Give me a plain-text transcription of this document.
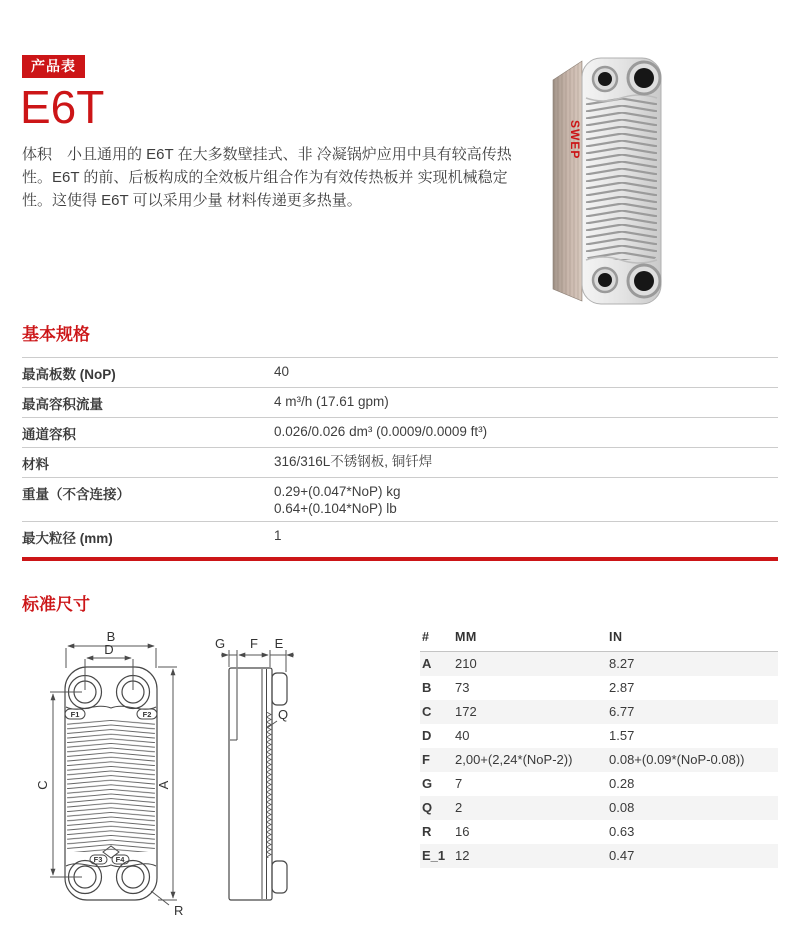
产品表
E6T

体积　小且通用的 E6T 在大多数壁挂式、非 冷凝锅炉应用中具有较高传热性。E6T 的前、后板构成的全效板片组合作为有效传热板并 实现机械稳定性。这使得 E6T 可以采用少量 材料传递更多热量。

SWEP
基本规格
最高板数 (NoP)	40
最高容积流量	4 m³/h (17.61 gpm)
通道容积	0.026/0.026 dm³ (0.0009/0.0009 ft³)
材料	316/316L不锈钢板, 铜钎焊
重量（不含连接）	0.29+(0.047*NoP) kg
0.64+(0.104*NoP) lb
最大粒径 (mm)	1
标准尺寸
F1	F2
F3 F4
B
D
C	A
R
G F E
Q
#	MM	IN
A	210	8.27
B	73	2.87
C	172	6.77
D	40	1.57
F	2,00+(2,24*(NoP-2))	0.08+(0.09*(NoP-0.08))
G	7	0.28
Q	2	0.08
R	16	0.63
E_1	12	0.47
